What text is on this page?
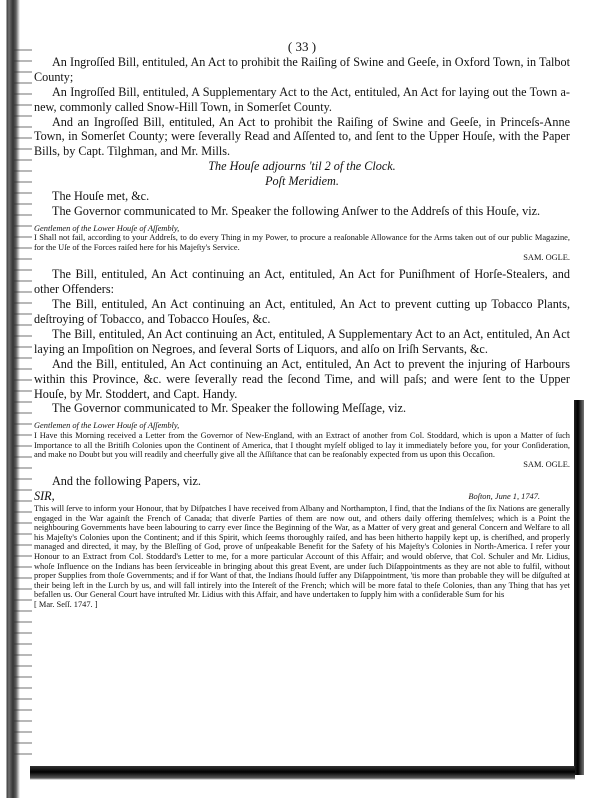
( 33 )

An Ingroſſed Bill, entituled, An Act to prohibit the Raiſing of Swine and Geeſe, in Oxford Town, in Talbot County;

An Ingroſſed Bill, entituled, A Supplementary Act to the Act, entituled, An Act for laying out the Town a-new, commonly called Snow-Hill Town, in Somerſet County.

And an Ingroſſed Bill, entituled, An Act to prohibit the Raiſing of Swine and Geeſe, in Princeſs-Anne Town, in Somerſet County; were ſeverally Read and Aſſented to, and ſent to the Upper Houſe, with the Paper Bills, by Capt. Tilghman, and Mr. Mills.

The Houſe adjourns 'til 2 of the Clock.

Poſt Meridiem.

The Houſe met, &c.

The Governor communicated to Mr. Speaker the following Anſwer to the Addreſs of this Houſe, viz.

Gentlemen of the Lower Houſe of Aſſembly,

I Shall not fail, according to your Addreſs, to do every Thing in my Power, to procure a reaſonable Allowance for the Arms taken out of our public Magazine, for the Uſe of the Forces raiſed here for his Majeſty's Service.

SAM. OGLE.

The Bill, entituled, An Act continuing an Act, entituled, An Act for Puniſhment of Horſe-Stealers, and other Offenders:

The Bill, entituled, An Act continuing an Act, entituled, An Act to prevent cutting up Tobacco Plants, deſtroying of Tobacco, and Tobacco Houſes, &c.

The Bill, entituled, An Act continuing an Act, entituled, A Supplementary Act to an Act, entituled, An Act laying an Impoſition on Negroes, and ſeveral Sorts of Liquors, and alſo on Iriſh Servants, &c.

And the Bill, entituled, An Act continuing an Act, entituled, An Act to prevent the injuring of Harbours within this Province, &c. were ſeverally read the ſecond Time, and will paſs; and were ſent to the Upper Houſe, by Mr. Stoddert, and Capt. Handy.

The Governor communicated to Mr. Speaker the following Meſſage, viz.

Gentlemen of the Lower Houſe of Aſſembly,

I Have this Morning received a Letter from the Governor of New-England, with an Extract of another from Col. Stoddard, which is upon a Matter of ſuch Importance to all the Britiſh Colonies upon the Continent of America, that I thought myſelf obliged to lay it immediately before you, for your Conſideration, and make no Doubt but you will readily and cheerfully give all the Aſſiſtance that can be reaſonably expected from us upon this Occaſion.

SAM. OGLE.

And the following Papers, viz.

SIR,	Boſton, June 1, 1747.

This will ſerve to inform your Honour, that by Diſpatches I have received from Albany and Northampton, I find, that the Indians of the ſix Nations are generally engaged in the War againſt the French of Canada; that diverſe Parties of them are now out, and others daily offering themſelves; which is a Point the neighbouring Governments have been labouring to carry ever ſince the Beginning of the War, as a Matter of very great and general Concern and Welfare to all his Majeſty's Colonies upon the Continent; and if this Spirit, which ſeems thoroughly raiſed, and has been hitherto happily kept up, is cheriſhed, and properly managed and directed, it may, by the Bleſſing of God, prove of unſpeakable Benefit for the Safety of his Majeſty's Colonies in North-America. I refer your Honour to an Extract from Col. Stoddard's Letter to me, for a more particular Account of this Affair; and would obſerve, that Col. Schuler and Mr. Lidius, whoſe Influence on the Indians has been ſerviceable in bringing about this great Event, are under ſuch Diſappointments as they are not able to fulfil, without proper Supplies from thoſe Governments; and if for Want of that, the Indians ſhould ſuffer any Diſappointment, 'tis more than probable they will be diſguſted at their being left in the Lurch by us, and will fall intirely into the Intereſt of the French; which will be more fatal to theſe Colonies, than any Thing that has yet befallen us. Our General Court have intruſted Mr. Lidius with this Affair, and have undertaken to ſupply him with a conſiderable Sum for his

[ Mar. Seſſ. 1747. ]
